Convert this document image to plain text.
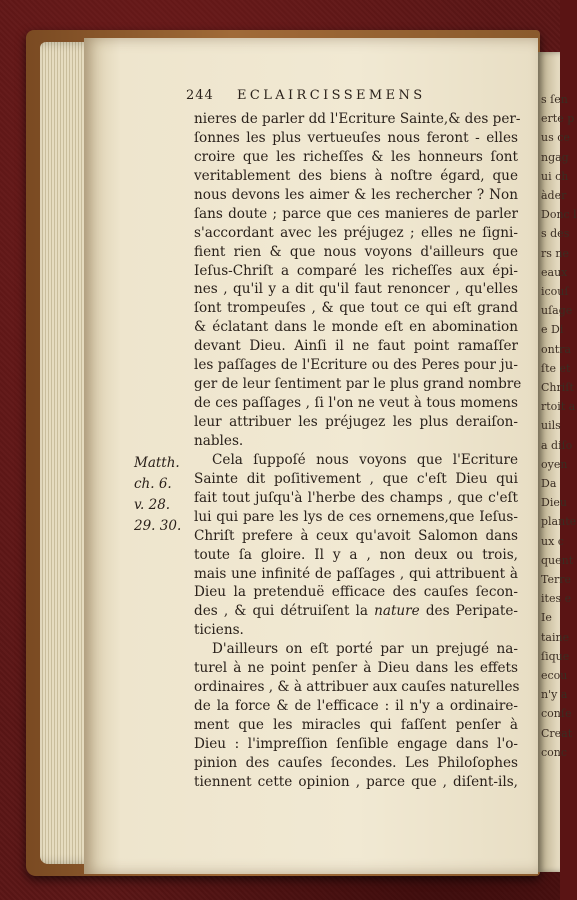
s ſen
erte p
us ce
ngag
ui ch
àder
Donc l
s des
rs ne
eaux
icouſ
uſage
e Di
ontra
ſte et
Chriſt
rtoit a
uils
a diſo
oyen
Da
Dieu
plante
ux c
quent
Terre
ites e
Ie
taine
ſique
ecou
n'y a
conſe
Creat
conc
244 ECLAIRCISSEMENS
Matth.
ch. 6.
v. 28.
29. 30.
nieres de parler dd l'Ecriture Sainte,& des per-
ſonnes les plus vertueuſes nous feront - elles
croire que les richeſſes & les honneurs ſont
veritablement des biens à noſtre égard, que
nous devons les aimer & les rechercher ? Non
ſans doute ; parce que ces manieres de parler
s'accordant avec les préjugez ; elles ne ſigni-
fient rien & que nous voyons d'ailleurs que
Ieſus-Chriſt a comparé les richeſſes aux épi-
nes , qu'il y a dit qu'il faut renoncer , qu'elles
ſont trompeuſes , & que tout ce qui eſt grand
& éclatant dans le monde eſt en abomination
devant Dieu. Ainſi il ne faut point ramaſſer
les paſſages de l'Ecriture ou des Peres pour ju-
ger de leur ſentiment par le plus grand nombre
de ces paſſages , ſi l'on ne veut à tous momens
leur attribuer les préjugez les plus deraiſon-
nables.
Cela ſuppoſé nous voyons que l'Ecriture
Sainte dit poſitivement , que c'eſt Dieu qui
fait tout juſqu'à l'herbe des champs , que c'eſt
lui qui pare les lys de ces ornemens,que Ieſus-
Chriſt prefere à ceux qu'avoit Salomon dans
toute ſa gloire. Il y a , non deux ou trois,
mais une infinité de paſſages , qui attribuent à
Dieu la pretenduë efficace des cauſes ſecon-
des , & qui détruiſent la nature des Peripate-
ticiens.
D'ailleurs on eſt porté par un prejugé na-
turel à ne point penſer à Dieu dans les effets
ordinaires , & à attribuer aux cauſes naturelles
de la force & de l'efficace : il n'y a ordinaire-
ment que les miracles qui faſſent penſer à
Dieu : l'impreſſion ſenſible engage dans l'o-
pinion des cauſes ſecondes. Les Philoſophes
tiennent cette opinion , parce que , diſent-ils,
